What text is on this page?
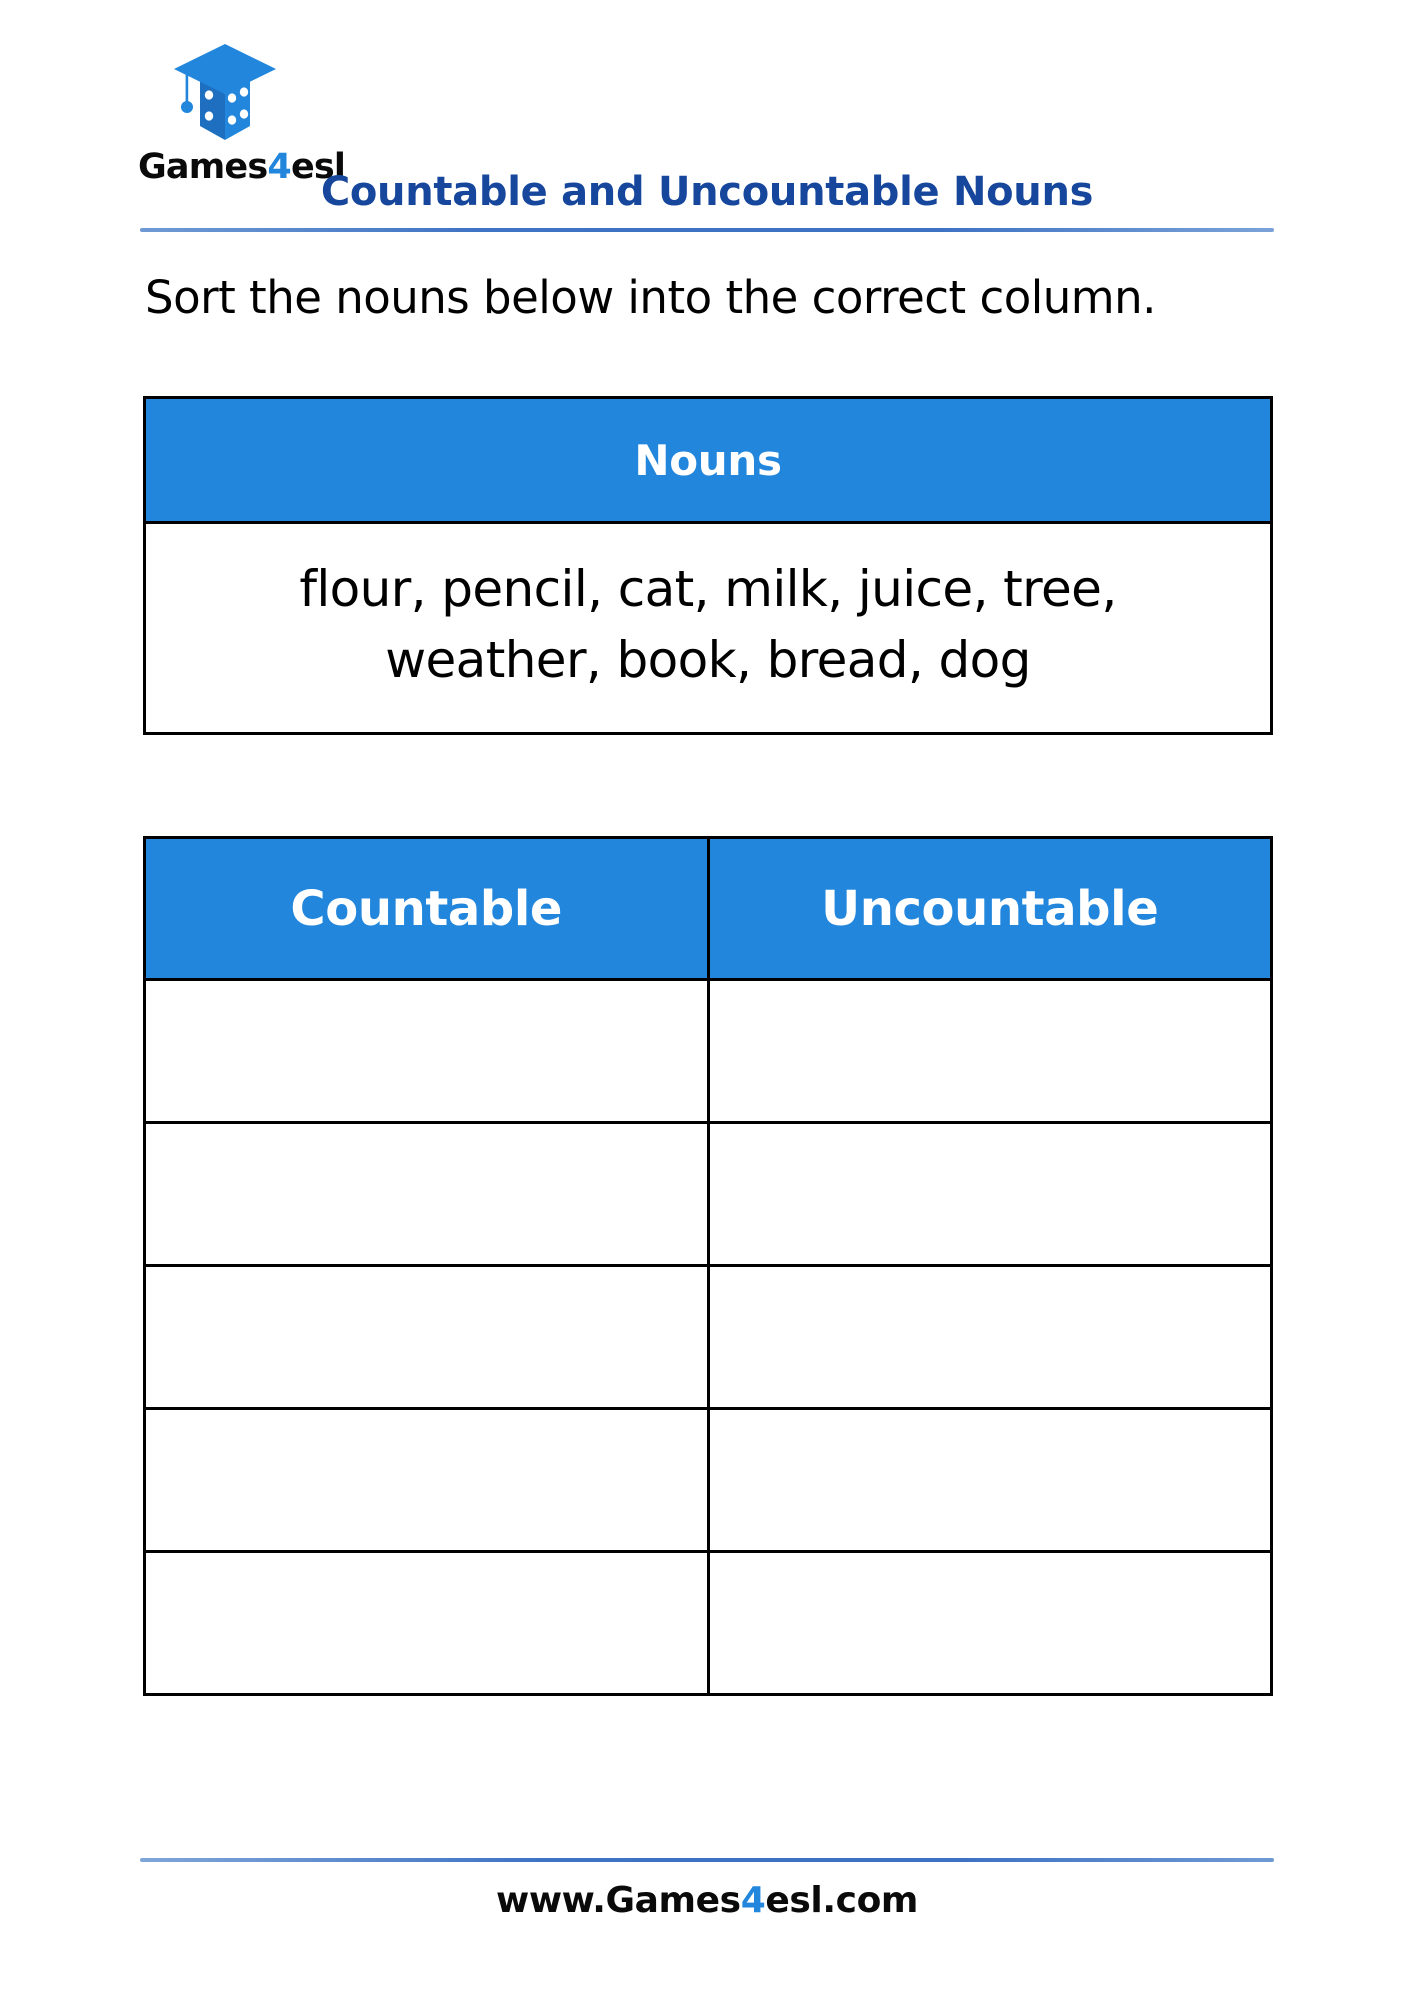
Games4esl
Countable and Uncountable Nouns
Sort the nouns below into the correct column.
Nouns
flour, pencil, cat, milk, juice, tree,
weather, book, bread, dog
Countable	Uncountable

www.Games4esl.com
